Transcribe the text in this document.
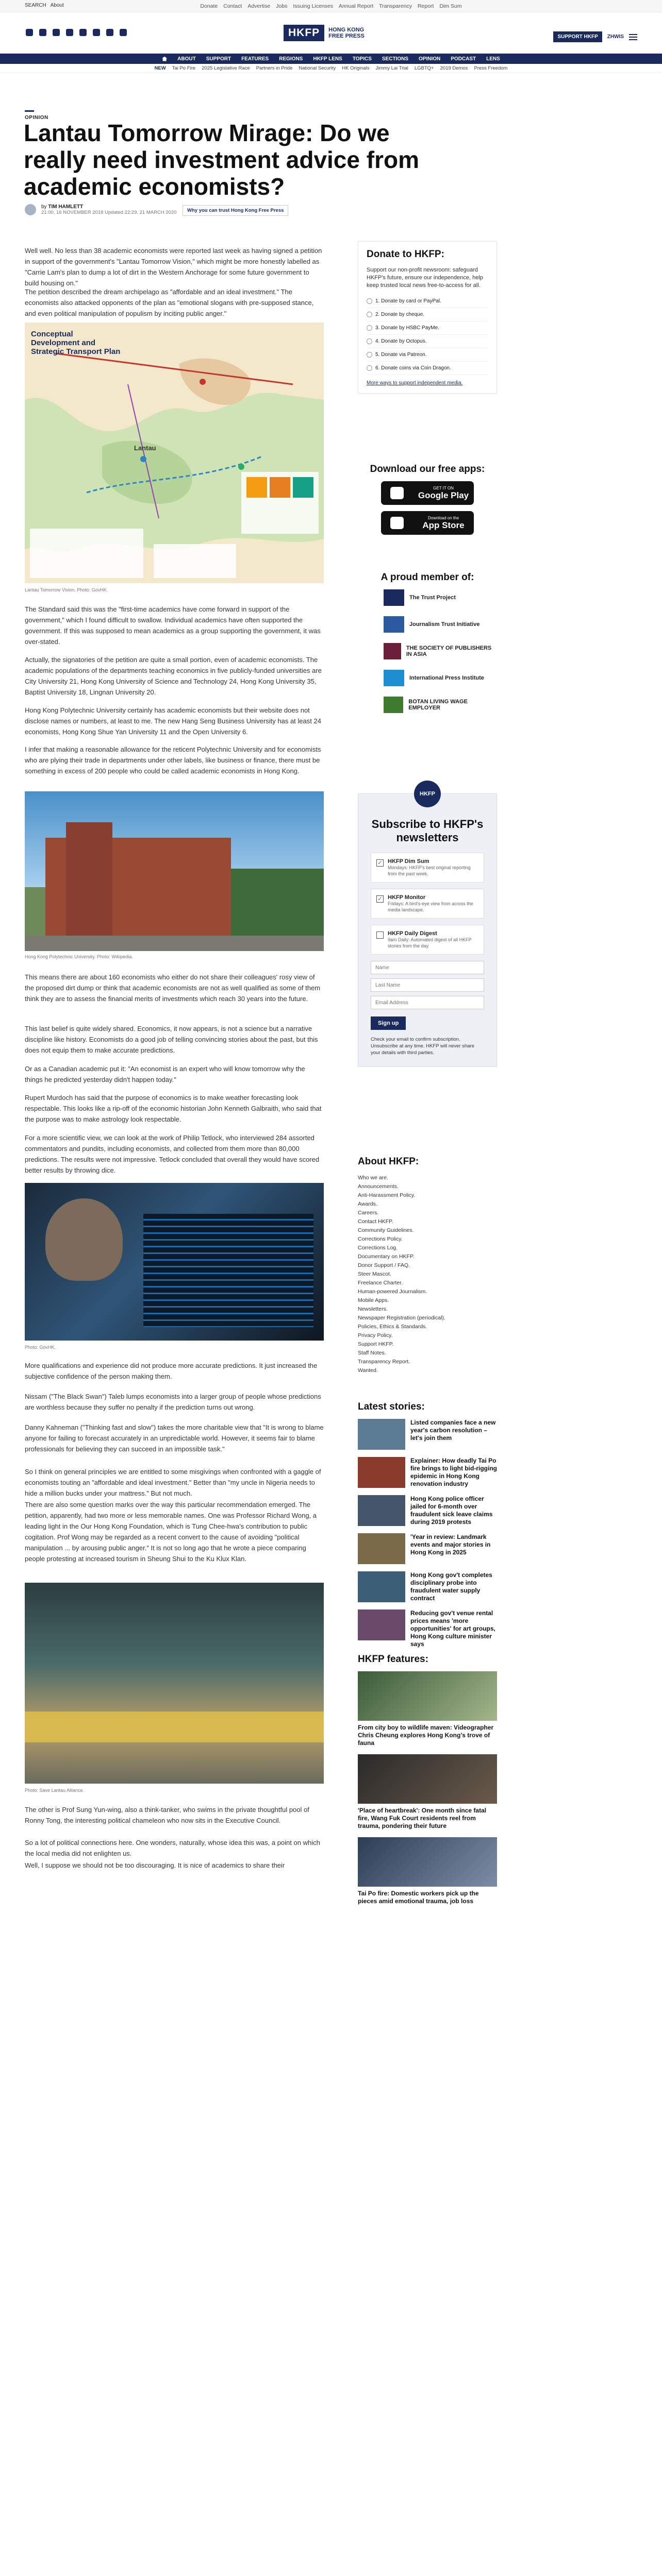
SEARCH About	Donate Contact Advertise Jobs Issuing Licenses Annual Report Transparency Report Dim Sum
HKFP	HONG KONG FREE PRESS	SUPPORT HKFP	ZHWIS
ABOUT SUPPORT FEATURES REGIONS HKFP LENS TOPICS SECTIONS OPINION PODCAST LENS
NEW Tai Po Fire 2025 Legislative Race Partners in Pride National Security HK Originals Jimmy Lai Trial LGBTQ+ 2019 Demos Press Freedom
OPINION
Lantau Tomorrow Mirage: Do we really need investment advice from academic economists?
by TIM HAMLETT
21:00, 16 NOVEMBER 2018 Updated 22:29, 21 MARCH 2020	Why you can trust Hong Kong Free Press

Well well. No less than 38 academic economists were reported last week as having signed a petition in support of the government's "Lantau Tomorrow Vision," which might be more honestly labelled as "Carrie Lam's plan to dump a lot of dirt in the Western Anchorage for some future government to build housing on."

The petition described the dream archipelago as "affordable and an ideal investment." The economists also attacked opponents of the plan as "emotional slogans with pre-supposed stance, and even political manipulation of populism by inciting public anger."

Conceptual Development and Strategic Transport Plan
Lantau
Lantau Tomorrow Vision. Photo: GovHK.

The Standard said this was the "first-time academics have come forward in support of the government," which I found difficult to swallow. Individual academics have often supported the government. If this was supposed to mean academics as a group supporting the government, it was over-stated.

Actually, the signatories of the petition are quite a small portion, even of academic economists. The academic populations of the departments teaching economics in five publicly-funded universities are City University 21, Hong Kong University of Science and Technology 24, Hong Kong University 35, Baptist University 18, Lingnan University 20.

Hong Kong Polytechnic University certainly has academic economists but their website does not disclose names or numbers, at least to me. The new Hang Seng Business University has at least 24 economists, Hong Kong Shue Yan University 11 and the Open University 6.

I infer that making a reasonable allowance for the reticent Polytechnic University and for economists who are plying their trade in departments under other labels, like business or finance, there must be something in excess of 200 people who could be called academic economists in Hong Kong.

Hong Kong Polytechnic University. Photo: Wikipedia.

This means there are about 160 economists who either do not share their colleagues' rosy view of the proposed dirt dump or think that academic economists are not as well qualified as some of them think they are to assess the financial merits of investments which reach 30 years into the future.

This last belief is quite widely shared. Economics, it now appears, is not a science but a narrative discipline like history. Economists do a good job of telling convincing stories about the past, but this does not equip them to make accurate predictions.

Or as a Canadian academic put it: "An economist is an expert who will know tomorrow why the things he predicted yesterday didn't happen today."

Rupert Murdoch has said that the purpose of economics is to make weather forecasting look respectable. This looks like a rip-off of the economic historian John Kenneth Galbraith, who said that the purpose was to make astrology look respectable.

For a more scientific view, we can look at the work of Philip Tetlock, who interviewed 284 assorted commentators and pundits, including economists, and collected from them more than 80,000 predictions. The results were not impressive. Tetlock concluded that overall they would have scored better results by throwing dice.

Photo: GovHK.

More qualifications and experience did not produce more accurate predictions. It just increased the subjective confidence of the person making them.

Nissam ("The Black Swan") Taleb lumps economists into a larger group of people whose predictions are worthless because they suffer no penalty if the prediction turns out wrong.

Danny Kahneman ("Thinking fast and slow") takes the more charitable view that "It is wrong to blame anyone for failing to forecast accurately in an unpredictable world. However, it seems fair to blame professionals for believing they can succeed in an impossible task."

So I think on general principles we are entitled to some misgivings when confronted with a gaggle of economists touting an "affordable and ideal investment." Better than "my uncle in Nigeria needs to hide a million bucks under your mattress." But not much.

There are also some question marks over the way this particular recommendation emerged. The petition, apparently, had two more or less memorable names. One was Professor Richard Wong, a leading light in the Our Hong Kong Foundation, which is Tung Chee-hwa's contribution to public cogitation. Prof Wong may be regarded as a recent convert to the cause of avoiding "political manipulation ... by arousing public anger." It is not so long ago that he wrote a piece comparing people protesting at increased tourism in Sheung Shui to the Ku Klux Klan.

Photo: Save Lantau Alliance.

The other is Prof Sung Yun-wing, also a think-tanker, who swims in the private thoughtful pool of Ronny Tong, the interesting political chameleon who now sits in the Executive Council.

So a lot of political connections here. One wonders, naturally, whose idea this was, a point on which the local media did not enlighten us.

Well, I suppose we should not be too discouraging. It is nice of academics to share their

Donate to HKFP:
Support our non-profit newsroom: safeguard HKFP's future, ensure our independence, help keep trusted local news free-to-access for all.
1. Donate by card or PayPal.
2. Donate by cheque.
3. Donate by HSBC PayMe.
4. Donate by Octopus.
5. Donate via Patreon.
6. Donate coins via Coin Dragon.
More ways to support independent media.
Download our free apps:
GET IT ON
Google Play
Download on the
App Store
A proud member of:
The Trust Project
Journalism Trust Initiative
THE SOCIETY OF PUBLISHERS IN ASIA
International Press Institute
BOTAN LIVING WAGE EMPLOYER
HKFP
Subscribe to HKFP's newsletters
✓ HKFP Dim Sum
Mondays: HKFP's best original reporting from the past week.
✓ HKFP Monitor
Fridays: A bird's-eye view from across the media landscape.
HKFP Daily Digest
9am Daily: Automated digest of all HKFP stories from the day.
Name Last Name Email Address
Sign up
Check your email to confirm subscription. Unsubscribe at any time. HKFP will never share your details with third parties.
About HKFP:
Who we are.
Announcements.
Anti-Harassment Policy.
Awards.
Careers.
Contact HKFP.
Community Guidelines.
Corrections Policy.
Corrections Log.
Documentary on HKFP.
Donor Support / FAQ.
Steer Mascot.
Freelance Charter.
Human-powered Journalism.
Mobile Apps.
Newsletters.
Newspaper Registration (periodical).
Policies, Ethics & Standards.
Privacy Policy.
Support HKFP.
Staff Notes.
Transparency Report.
Wanted.
Latest stories:
Listed companies face a new year's carbon resolution – let's join them
Explainer: How deadly Tai Po fire brings to light bid-rigging epidemic in Hong Kong renovation industry
Hong Kong police officer jailed for 6-month over fraudulent sick leave claims during 2019 protests
'Year in review: Landmark events and major stories in Hong Kong in 2025
Hong Kong gov't completes disciplinary probe into fraudulent water supply contract
Reducing gov't venue rental prices means 'more opportunities' for art groups, Hong Kong culture minister says
HKFP features:
From city boy to wildlife maven: Videographer Chris Cheung explores Hong Kong's trove of fauna
'Place of heartbreak': One month since fatal fire, Wang Fuk Court residents reel from trauma, pondering their future
Tai Po fire: Domestic workers pick up the pieces amid emotional trauma, job loss
